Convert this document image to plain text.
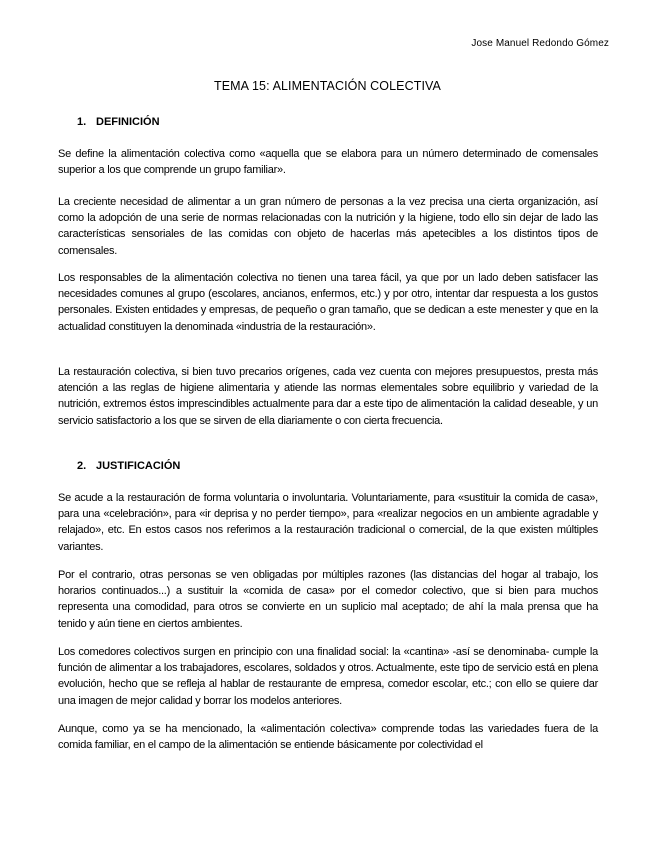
Jose Manuel Redondo Gómez
TEMA 15: ALIMENTACIÓN COLECTIVA
1. DEFINICIÓN

Se define la alimentación colectiva como «aquella que se elabora para un número determinado de comensales superior a los que comprende un grupo familiar».

La creciente necesidad de alimentar a un gran número de personas a la vez precisa una cierta organización, así como la adopción de una serie de normas relacionadas con la nutrición y la higiene, todo ello sin dejar de lado las características sensoriales de las comidas con objeto de hacerlas más apetecibles a los distintos tipos de comensales.

Los responsables de la alimentación colectiva no tienen una tarea fácil, ya que por un lado deben satisfacer las necesidades comunes al grupo (escolares, ancianos, enfermos, etc.) y por otro, intentar dar respuesta a los gustos personales. Existen entidades y empresas, de pequeño o gran tamaño, que se dedican a este menester y que en la actualidad constituyen la denominada «industria de la restauración».

La restauración colectiva, si bien tuvo precarios orígenes, cada vez cuenta con mejores presupuestos, presta más atención a las reglas de higiene alimentaria y atiende las normas elementales sobre equilibrio y variedad de la nutrición, extremos éstos imprescindibles actualmente para dar a este tipo de alimentación la calidad deseable, y un servicio satisfactorio a los que se sirven de ella diariamente o con cierta frecuencia.

2. JUSTIFICACIÓN

Se acude a la restauración de forma voluntaria o involuntaria. Voluntariamente, para «sustituir la comida de casa», para una «celebración», para «ir deprisa y no perder tiempo», para «realizar negocios en un ambiente agradable y relajado», etc. En estos casos nos referimos a la restauración tradicional o comercial, de la que existen múltiples variantes.

Por el contrario, otras personas se ven obligadas por múltiples razones (las distancias del hogar al trabajo, los horarios continuados...) a sustituir la «comida de casa» por el comedor colectivo, que si bien para muchos representa una comodidad, para otros se convierte en un suplicio mal aceptado; de ahí la mala prensa que ha tenido y aún tiene en ciertos ambientes.

Los comedores colectivos surgen en principio con una finalidad social: la «cantina» -así se denominaba- cumple la función de alimentar a los trabajadores, escolares, soldados y otros. Actualmente, este tipo de servicio está en plena evolución, hecho que se refleja al hablar de restaurante de empresa, comedor escolar, etc.; con ello se quiere dar una imagen de mejor calidad y borrar los modelos anteriores.

Aunque, como ya se ha mencionado, la «alimentación colectiva» comprende todas las variedades fuera de la comida familiar, en el campo de la alimentación se entiende básicamente por colectividad el
